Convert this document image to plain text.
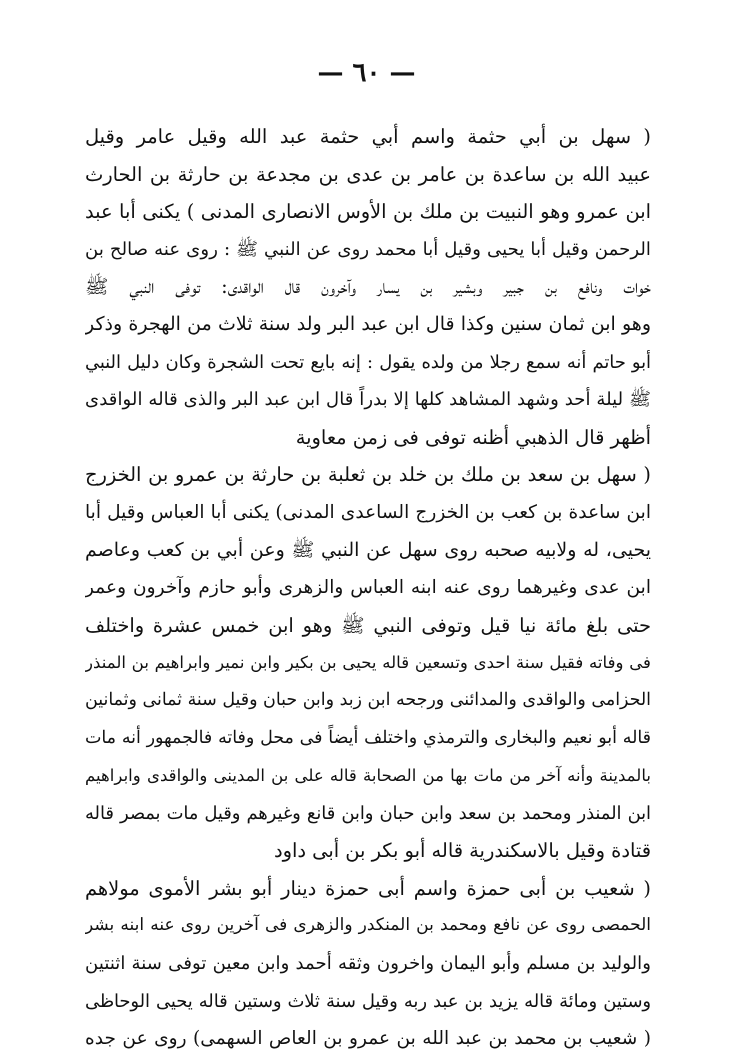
— ٦٠ —
( سهل بن أبي حثمة واسم أبي حثمة عبد الله وقيل عامر وقيل
عبيد الله بن ساعدة بن عامر بن عدى بن مجدعة بن حارثة بن الحارث
ابن عمرو وهو النبيت بن ملك بن الأوس الانصارى المدنى ) يكنى أبا عبد
الرحمن وقيل أبا يحيى وقيل أبا محمد روى عن النبي ﷺ : روى عنه صالح بن
خوات ونافع بن جبير وبشير بن يسار وآخرون قال الواقدى: توفى النبي ﷺ
وهو ابن ثمان سنين وكذا قال ابن عبد البر ولد سنة ثلاث من الهجرة وذكر
أبو حاتم أنه سمع رجلا من ولده يقول : إنه بايع تحت الشجرة وكان دليل النبي
ﷺ ليلة أحد وشهد المشاهد كلها إلا بدراً قال ابن عبد البر والذى قاله الواقدى
أظهر قال الذهبي أظنه توفى فى زمن معاوية
( سهل بن سعد بن ملك بن خلد بن ثعلبة بن حارثة بن عمرو بن الخزرج
ابن ساعدة بن كعب بن الخزرج الساعدى المدنى) يكنى أبا العباس وقيل أبا
يحيى، له ولابيه صحبه روى سهل عن النبي ﷺ وعن أبي بن كعب وعاصم
ابن عدى وغيرهما روى عنه ابنه العباس والزهرى وأبو حازم وآخرون وعمر
حتى بلغ مائة نيا قيل وتوفى النبي ﷺ وهو ابن خمس عشرة واختلف
فى وفاته فقيل سنة احدى وتسعين قاله يحيى بن بكير وابن نمير وابراهيم بن المنذر
الحزامى والواقدى والمدائنى ورجحه ابن زبد وابن حبان وقيل سنة ثمانى وثمانين
قاله أبو نعيم والبخارى والترمذي واختلف أيضاً فى محل وفاته فالجمهور أنه مات
بالمدينة وأنه آخر من مات بها من الصحابة قاله على بن المدينى والواقدى وابراهيم
ابن المنذر ومحمد بن سعد وابن حبان وابن قانع وغيرهم وقيل مات بمصر قاله
قتادة وقيل بالاسكندرية قاله أبو بكر بن أبى داود
( شعيب بن أبى حمزة واسم أبى حمزة دينار أبو بشر الأموى مولاهم
الحمصى روى عن نافع ومحمد بن المنكدر والزهرى فى آخرين روى عنه ابنه بشر
والوليد بن مسلم وأبو اليمان واخرون وثقه أحمد وابن معين توفى سنة اثنتين
وستين ومائة قاله يزيد بن عبد ربه وقيل سنة ثلاث وستين قاله يحيى الوحاظى
( شعيب بن محمد بن عبد الله بن عمرو بن العاص السهمى) روى عن جده
